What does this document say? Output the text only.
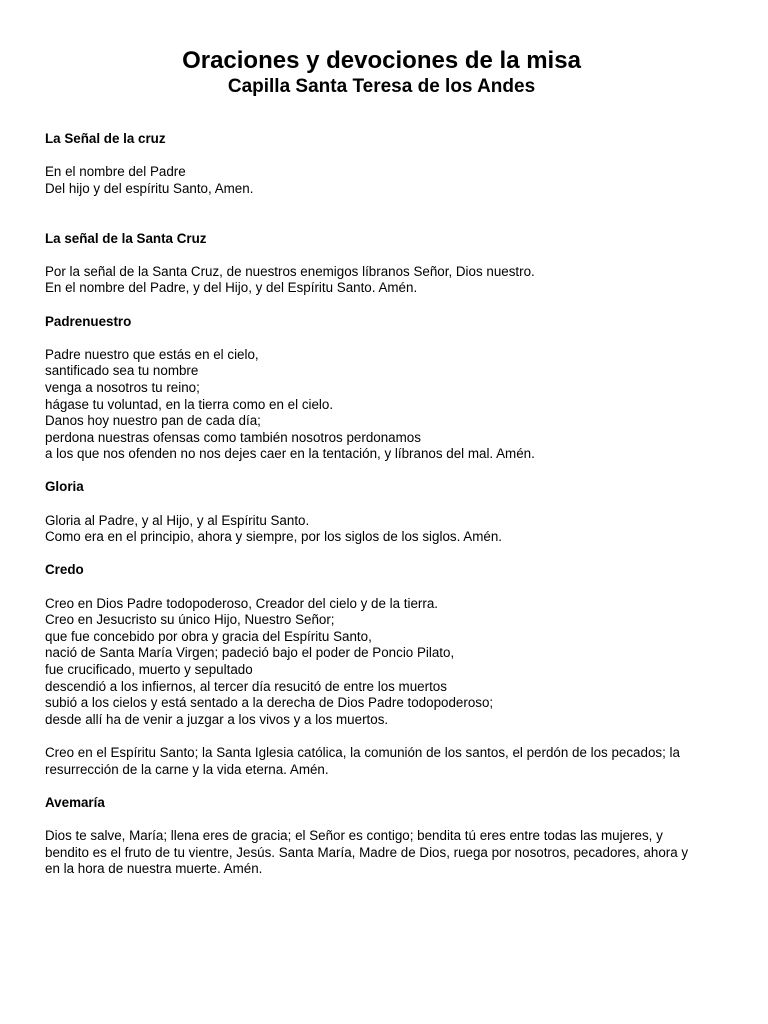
Oraciones y devociones de la misa
Capilla Santa Teresa de los Andes
La Señal de la cruz
En el nombre del Padre
Del hijo y del espíritu Santo, Amen.
La señal de la Santa Cruz
Por la señal de la Santa Cruz, de nuestros enemigos líbranos Señor, Dios nuestro.
En el nombre del Padre, y del Hijo, y del Espíritu Santo. Amén.
Padrenuestro
Padre nuestro que estás en el cielo,
santificado sea tu nombre
venga a nosotros tu reino;
hágase tu voluntad, en la tierra como en el cielo.
Danos hoy nuestro pan de cada día;
perdona nuestras ofensas como también nosotros perdonamos
a los que nos ofenden no nos dejes caer en la tentación, y líbranos del mal. Amén.
Gloria
Gloria al Padre, y al Hijo, y al Espíritu Santo.
Como era en el principio, ahora y siempre, por los siglos de los siglos. Amén.
Credo
Creo en Dios Padre todopoderoso, Creador del cielo y de la tierra.
Creo en Jesucristo su único Hijo, Nuestro Señor;
que fue concebido por obra y gracia del Espíritu Santo,
nació de Santa María Virgen; padeció bajo el poder de Poncio Pilato,
fue crucificado, muerto y sepultado
descendió a los infiernos, al tercer día resucitó de entre los muertos
subió a los cielos y está sentado a la derecha de Dios Padre todopoderoso;
desde allí ha de venir a juzgar a los vivos y a los muertos.
Creo en el Espíritu Santo; la Santa Iglesia católica, la comunión de los santos, el perdón de los pecados; la
resurrección de la carne y la vida eterna. Amén.
Avemaría
Dios te salve, María; llena eres de gracia; el Señor es contigo; bendita tú eres entre todas las mujeres, y
bendito es el fruto de tu vientre, Jesús. Santa María, Madre de Dios, ruega por nosotros, pecadores, ahora y
en la hora de nuestra muerte. Amén.
